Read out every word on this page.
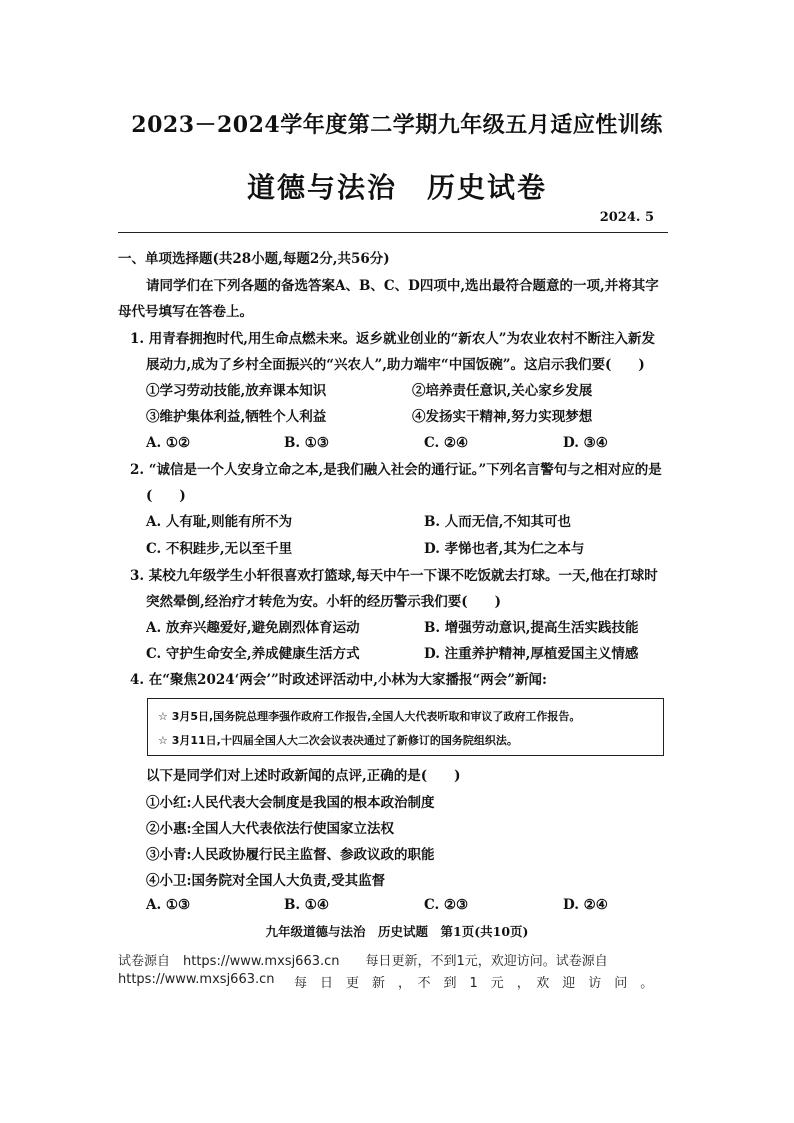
2023－2024学年度第二学期九年级五月适应性训练
道德与法治　历史试卷
2024. 5
一、单项选择题(共28小题,每题2分,共56分)
请同学们在下列各题的备选答案A、B、C、D四项中,选出最符合题意的一项,并将其字
母代号填写在答卷上。
1. 用青春拥抱时代,用生命点燃未来。返乡就业创业的“新农人”为农业农村不断注入新发
展动力,成为了乡村全面振兴的“兴农人”,助力端牢“中国饭碗”。这启示我们要(　　)
①学习劳动技能,放弃课本知识	②培养责任意识,关心家乡发展
③维护集体利益,牺牲个人利益	④发扬实干精神,努力实现梦想
A. ①②	B. ①③	C. ②④	D. ③④
2. “诚信是一个人安身立命之本,是我们融入社会的通行证。”下列名言警句与之相对应的是
(　　)
A. 人有耻,则能有所不为	B. 人而无信,不知其可也
C. 不积跬步,无以至千里	D. 孝悌也者,其为仁之本与
3. 某校九年级学生小轩很喜欢打篮球,每天中午一下课不吃饭就去打球。一天,他在打球时
突然晕倒,经治疗才转危为安。小轩的经历警示我们要(　　)
A. 放弃兴趣爱好,避免剧烈体育运动	B. 增强劳动意识,提高生活实践技能
C. 守护生命安全,养成健康生活方式	D. 注重养护精神,厚植爱国主义情感
4. 在“聚焦2024‘两会’”时政述评活动中,小林为大家播报“两会”新闻:
☆ 3月5日,国务院总理李强作政府工作报告,全国人大代表听取和审议了政府工作报告。
☆ 3月11日,十四届全国人大二次会议表决通过了新修订的国务院组织法。
以下是同学们对上述时政新闻的点评,正确的是(　　)
①小红:人民代表大会制度是我国的根本政治制度
②小惠:全国人大代表依法行使国家立法权
③小青:人民政协履行民主监督、参政议政的职能
④小卫:国务院对全国人大负责,受其监督
A. ①③	B. ①④	C. ②③	D. ②④
九年级道德与法治　历史试题　第1页(共10页)
试卷源自　https://www.mxsj663.cn　　每日更新，不到1元，欢迎访问。试卷源自
https://www.mxsj663.cn 每　日　更　新　，　不　到　1　元　，　欢　迎　访　问　。
